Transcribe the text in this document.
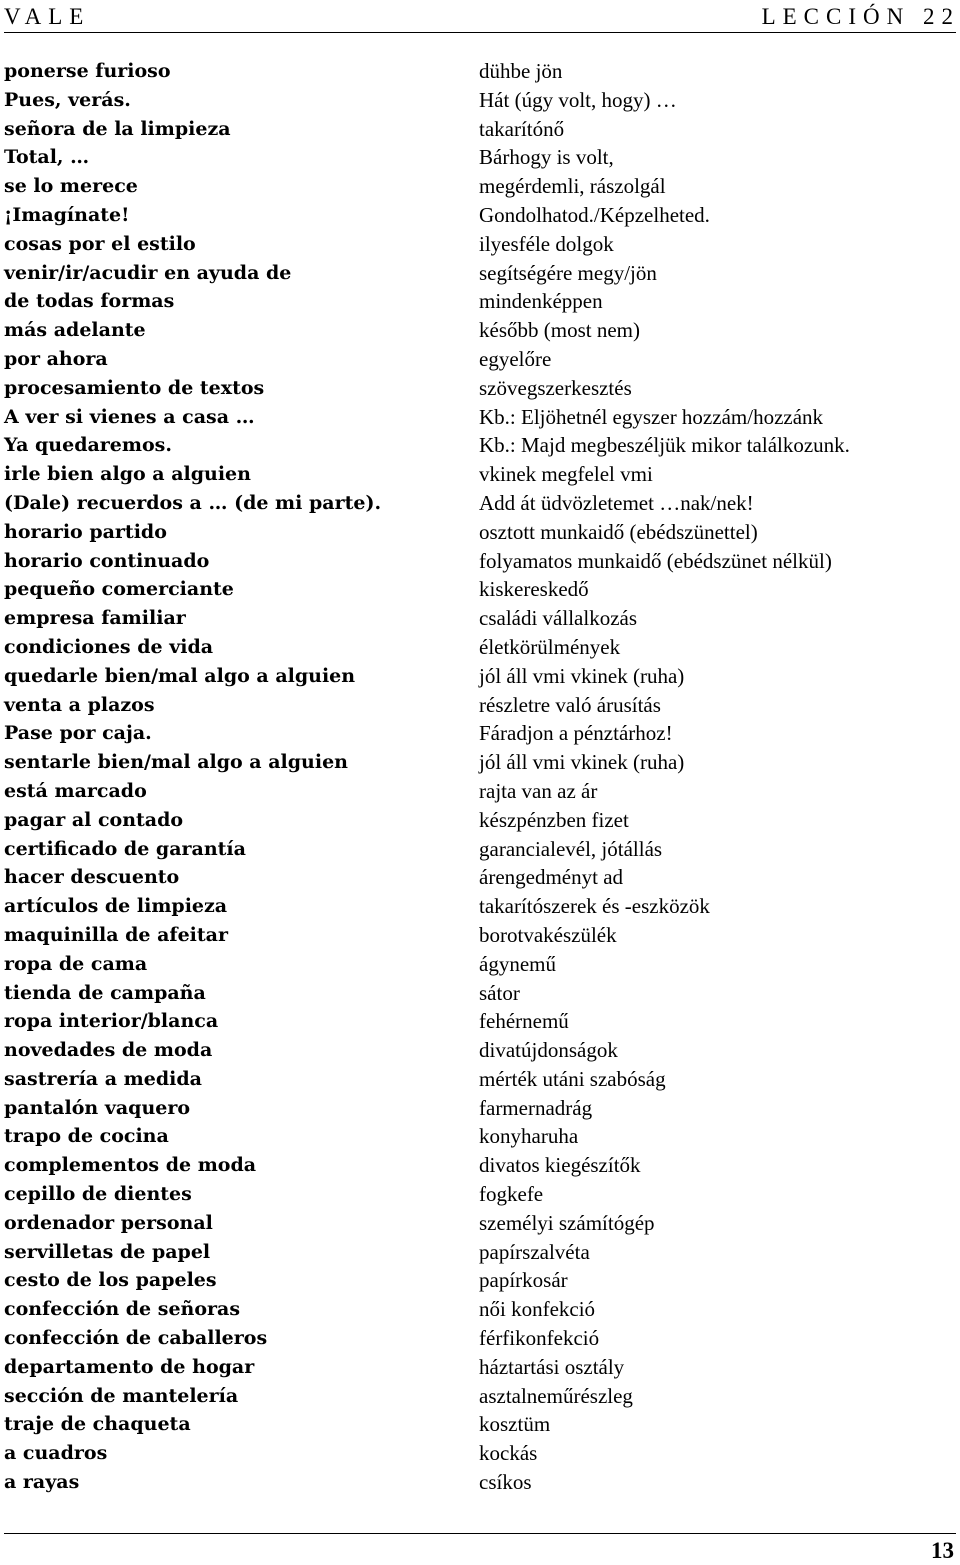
VALE	LECCIÓN 22
ponerse furioso	dühbe jön
Pues, verás.	Hát (úgy volt, hogy) …
señora de la limpieza	takarítónő
Total, …	Bárhogy is volt,
se lo merece	megérdemli, rászolgál
¡Imagínate!	Gondolhatod./Képzelheted.
cosas por el estilo	ilyesféle dolgok
venir/ir/acudir en ayuda de	segítségére megy/jön
de todas formas	mindenképpen
más adelante	később (most nem)
por ahora	egyelőre
procesamiento de textos	szövegszerkesztés
A ver si vienes a casa …	Kb.: Eljöhetnél egyszer hozzám/hozzánk
Ya quedaremos.	Kb.: Majd megbeszéljük mikor találkozunk.
irle bien algo a alguien	vkinek megfelel vmi
(Dale) recuerdos a … (de mi parte).	Add át üdvözletemet …nak/nek!
horario partido	osztott munkaidő (ebédszünettel)
horario continuado	folyamatos munkaidő (ebédszünet nélkül)
pequeño comerciante	kiskereskedő
empresa familiar	családi vállalkozás
condiciones de vida	életkörülmények
quedarle bien/mal algo a alguien	jól áll vmi vkinek (ruha)
venta a plazos	részletre való árusítás
Pase por caja.	Fáradjon a pénztárhoz!
sentarle bien/mal algo a alguien	jól áll vmi vkinek (ruha)
está marcado	rajta van az ár
pagar al contado	készpénzben fizet
certificado de garantía	garancialevél, jótállás
hacer descuento	árengedményt ad
artículos de limpieza	takarítószerek és -eszközök
maquinilla de afeitar	borotvakészülék
ropa de cama	ágynemű
tienda de campaña	sátor
ropa interior/blanca	fehérnemű
novedades de moda	divatújdonságok
sastrería a medida	mérték utáni szabóság
pantalón vaquero	farmernadrág
trapo de cocina	konyharuha
complementos de moda	divatos kiegészítők
cepillo de dientes	fogkefe
ordenador personal	személyi számítógép
servilletas de papel	papírszalvéta
cesto de los papeles	papírkosár
confección de señoras	női konfekció
confección de caballeros	férfikonfekció
departamento de hogar	háztartási osztály
sección de mantelería	asztalneműrészleg
traje de chaqueta	kosztüm
a cuadros	kockás
a rayas	csíkos
13
